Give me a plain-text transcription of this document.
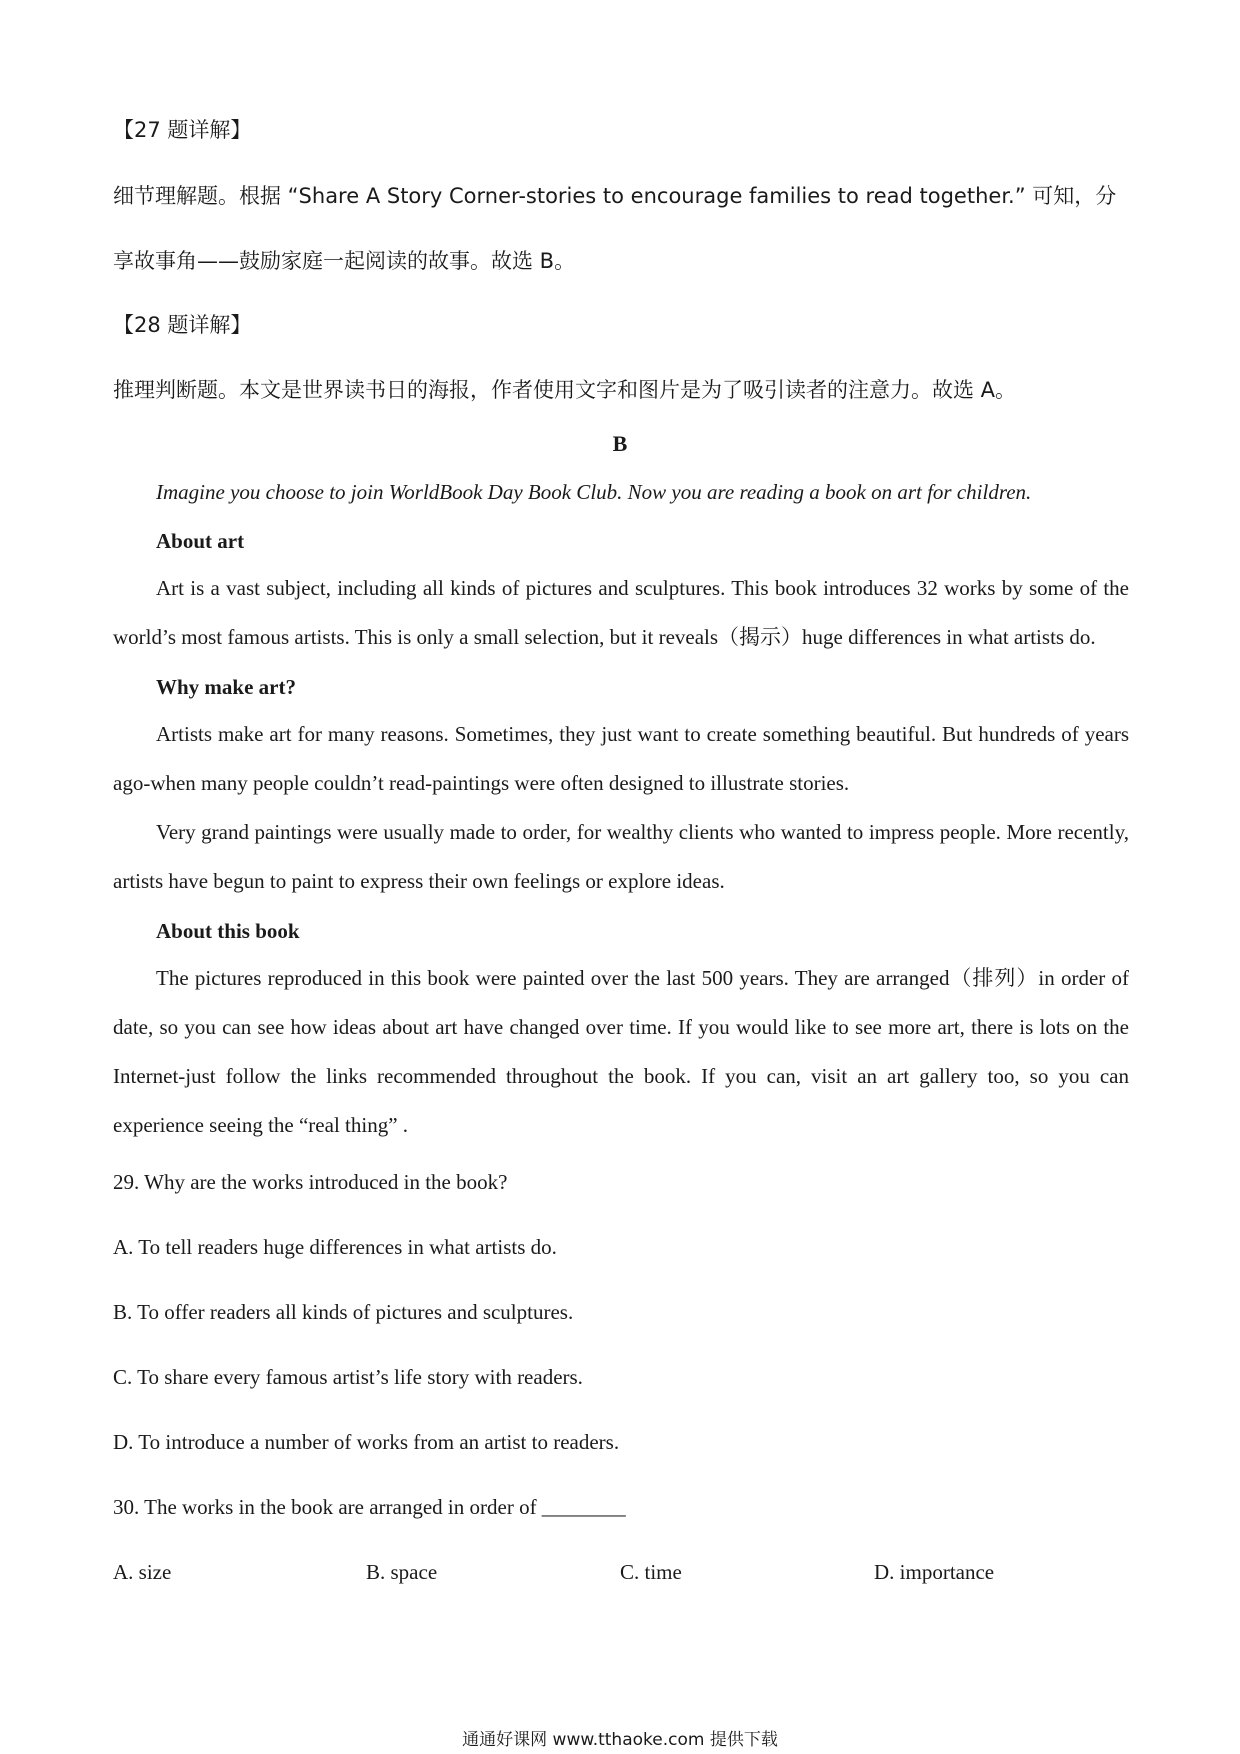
【27 题详解】
细节理解题。根据 “Share A Story Corner-stories to encourage families to read together.” 可知，分
享故事角——鼓励家庭一起阅读的故事。故选 B。
【28 题详解】
推理判断题。本文是世界读书日的海报，作者使用文字和图片是为了吸引读者的注意力。故选 A。
B
Imagine you choose to join WorldBook Day Book Club. Now you are reading a book on art for children.
About art
Art is a vast subject, including all kinds of pictures and sculptures. This book introduces 32 works by some of the world’s most famous artists. This is only a small selection, but it reveals（揭示）huge differences in what artists do.
Why make art?
Artists make art for many reasons. Sometimes, they just want to create something beautiful. But hundreds of years ago-when many people couldn’t read-paintings were often designed to illustrate stories.
Very grand paintings were usually made to order, for wealthy clients who wanted to impress people. More recently, artists have begun to paint to express their own feelings or explore ideas.
About this book
The pictures reproduced in this book were painted over the last 500 years. They are arranged（排列）in order of date, so you can see how ideas about art have changed over time. If you would like to see more art, there is lots on the Internet-just follow the links recommended throughout the book. If you can, visit an art gallery too, so you can experience seeing the “real thing” .
29. Why are the works introduced in the book?
A. To tell readers huge differences in what artists do.
B. To offer readers all kinds of pictures and sculptures.
C. To share every famous artist’s life story with readers.
D. To introduce a number of works from an artist to readers.
30. The works in the book are arranged in order of ________
A. size	B. space	C. time	D. importance
通通好课网 www.tthaoke.com 提供下载
